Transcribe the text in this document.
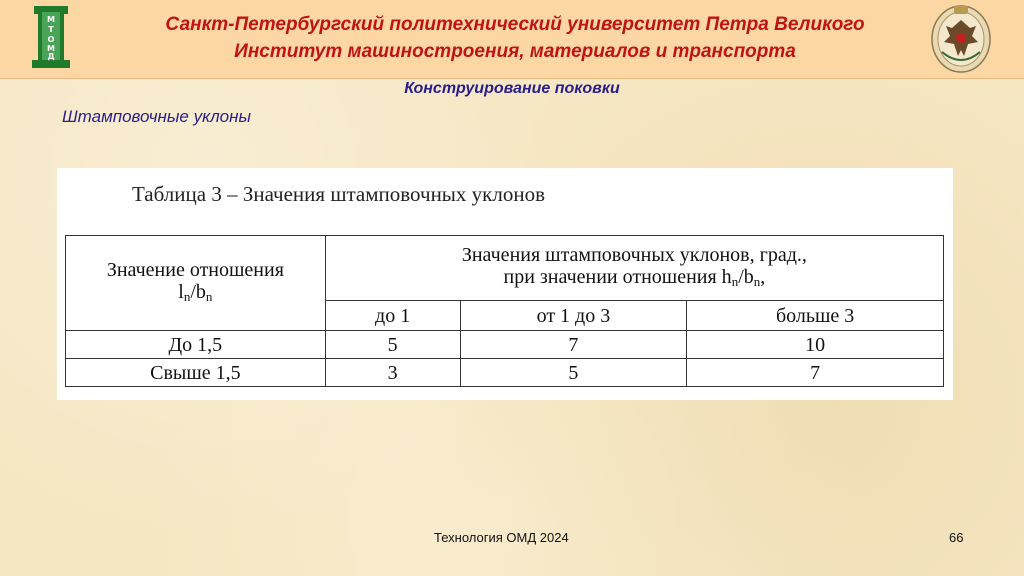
М
Т
О
М
Д
Санкт-Петербургский политехнический университет Петра Великого
Институт машиностроения, материалов и транспорта
Конструирование поковки
Штамповочные уклоны
Таблица 3 – Значения штамповочных уклонов
Значение отношения
$l_n/b_n$	Значения штамповочных уклонов, град.,
при значении отношения $h_n/b_n$,		
	до 1	от 1 до 3	больше 3
До 1,5	5	7	10
Свыше 1,5	3	5	7
Технология ОМД 2024	66
